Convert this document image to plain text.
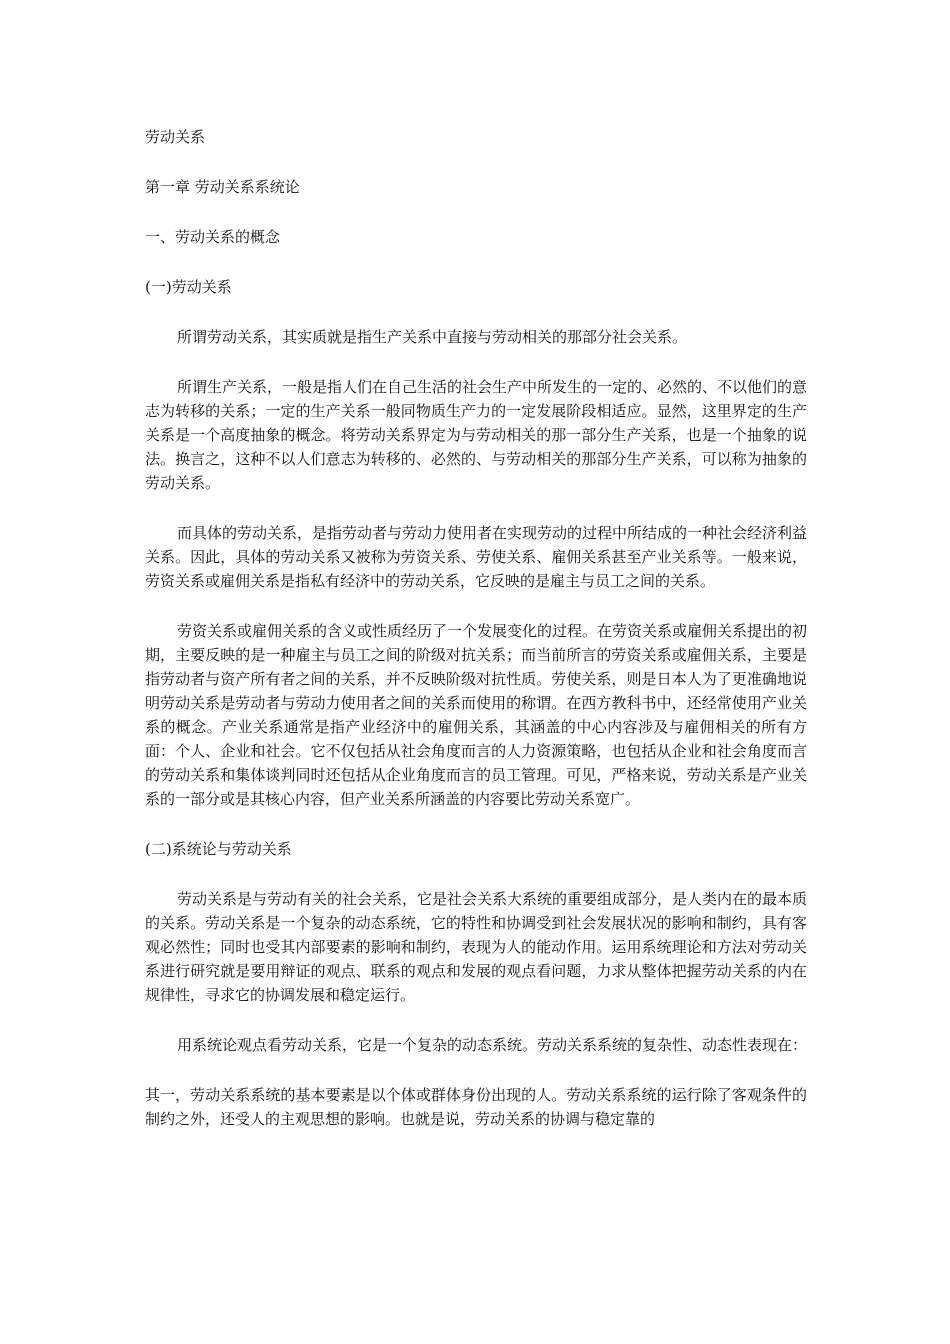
劳动关系
第一章 劳动关系系统论
一、劳动关系的概念
(一)劳动关系

所谓劳动关系，其实质就是指生产关系中直接与劳动相关的那部分社会关系。

所谓生产关系，一般是指人们在自己生活的社会生产中所发生的一定的、必然的、不以他们的意志为转移的关系；一定的生产关系一般同物质生产力的一定发展阶段相适应。显然，这里界定的生产关系是一个高度抽象的概念。将劳动关系界定为与劳动相关的那一部分生产关系，也是一个抽象的说法。换言之，这种不以人们意志为转移的、必然的、与劳动相关的那部分生产关系，可以称为抽象的劳动关系。

而具体的劳动关系，是指劳动者与劳动力使用者在实现劳动的过程中所结成的一种社会经济利益关系。因此，具体的劳动关系又被称为劳资关系、劳使关系、雇佣关系甚至产业关系等。一般来说，劳资关系或雇佣关系是指私有经济中的劳动关系，它反映的是雇主与员工之间的关系。

劳资关系或雇佣关系的含义或性质经历了一个发展变化的过程。在劳资关系或雇佣关系提出的初期，主要反映的是一种雇主与员工之间的阶级对抗关系；而当前所言的劳资关系或雇佣关系，主要是指劳动者与资产所有者之间的关系，并不反映阶级对抗性质。劳使关系，则是日本人为了更准确地说明劳动关系是劳动者与劳动力使用者之间的关系而使用的称谓。在西方教科书中，还经常使用产业关系的概念。产业关系通常是指产业经济中的雇佣关系，其涵盖的中心内容涉及与雇佣相关的所有方面：个人、企业和社会。它不仅包括从社会角度而言的人力资源策略，也包括从企业和社会角度而言的劳动关系和集体谈判同时还包括从企业角度而言的员工管理。可见，严格来说，劳动关系是产业关系的一部分或是其核心内容，但产业关系所涵盖的内容要比劳动关系宽广。

(二)系统论与劳动关系

劳动关系是与劳动有关的社会关系，它是社会关系大系统的重要组成部分，是人类内在的最本质的关系。劳动关系是一个复杂的动态系统，它的特性和协调受到社会发展状况的影响和制约，具有客观必然性；同时也受其内部要素的影响和制约，表现为人的能动作用。运用系统理论和方法对劳动关系进行研究就是要用辩证的观点、联系的观点和发展的观点看问题，力求从整体把握劳动关系的内在规律性，寻求它的协调发展和稳定运行。

用系统论观点看劳动关系，它是一个复杂的动态系统。劳动关系系统的复杂性、动态性表现在：

其一，劳动关系系统的基本要素是以个体或群体身份出现的人。劳动关系系统的运行除了客观条件的制约之外，还受人的主观思想的影响。也就是说，劳动关系的协调与稳定靠的
